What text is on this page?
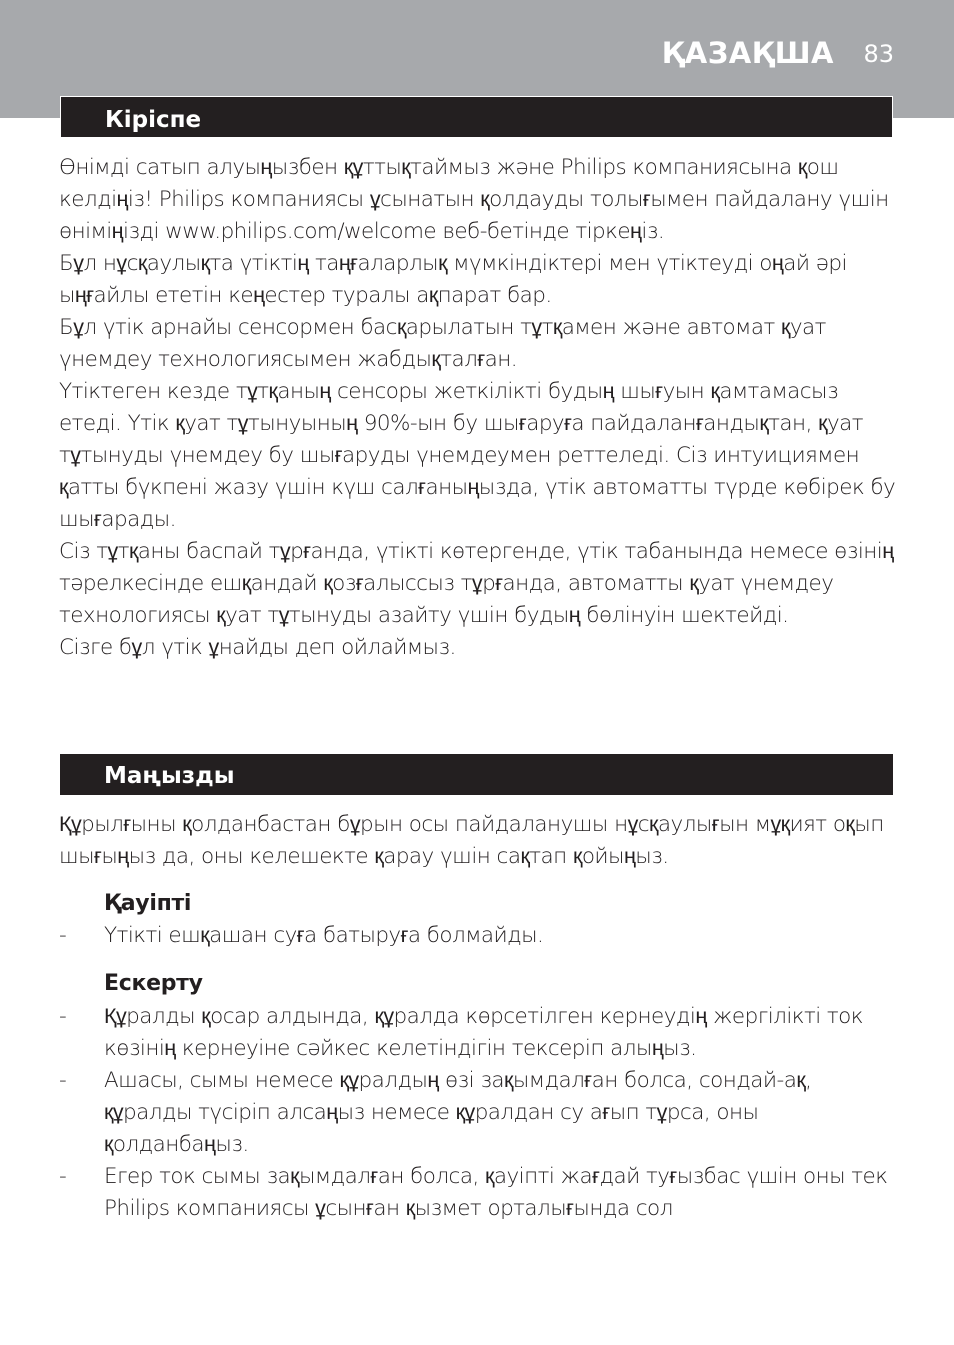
ҚАЗАҚША 83
Кіріспе

Өнімді сатып алуыңызбен құттықтаймыз және Philips компаниясына қош келдіңіз! Philips компаниясы ұсынатын қолдауды толығымен пайдалану үшін өніміңізді www.philips.com/welcome веб-бетінде тіркеңіз.

Бұл нұсқаулықта үтіктің таңғаларлық мүмкіндіктері мен үтіктеуді оңай әрі ыңғайлы ететін кеңестер туралы ақпарат бар.

Бұл үтік арнайы сенсормен басқарылатын тұтқамен және автомат қуат үнемдеу технологиясымен жабдықталған.

Үтіктеген кезде тұтқаның сенсоры жеткілікті будың шығуын қамтамасыз етеді. Үтік қуат тұтынуының 90%-ын бу шығаруға пайдаланғандықтан, қуат тұтынуды үнемдеу бу шығаруды үнемдеумен реттеледі. Сіз интуициямен қатты бүкпені жазу үшін күш салғаныңызда, үтік автоматты түрде көбірек бу шығарады.

Сіз тұтқаны баспай тұрғанда, үтікті көтергенде, үтік табанында немесе өзінің тәрелкесінде ешқандай қозғалыссыз тұрғанда, автоматты қуат үнемдеу технологиясы қуат тұтынуды азайту үшін будың бөлінуін шектейді.

Сізге бұл үтік ұнайды деп ойлаймыз.

Маңызды

Құрылғыны қолданбастан бұрын осы пайдаланушы нұсқаулығын мұқият оқып шығыңыз да, оны келешекте қарау үшін сақтап қойыңыз.

Қауіпті
- Үтікті ешқашан суға батыруға болмайды.
Ескерту
- Құралды қосар алдында, құралда көрсетілген кернеудің жергілікті ток көзінің кернеуіне сәйкес келетіндігін тексеріп алыңыз.
- Ашасы, сымы немесе құралдың өзі зақымдалған болса, сондай-ақ, құралды түсіріп алсаңыз немесе құралдан су ағып тұрса, оны қолданбаңыз.
- Егер ток сымы зақымдалған болса, қауіпті жағдай туғызбас үшін оны тек Philips компаниясы ұсынған қызмет орталығында сол
